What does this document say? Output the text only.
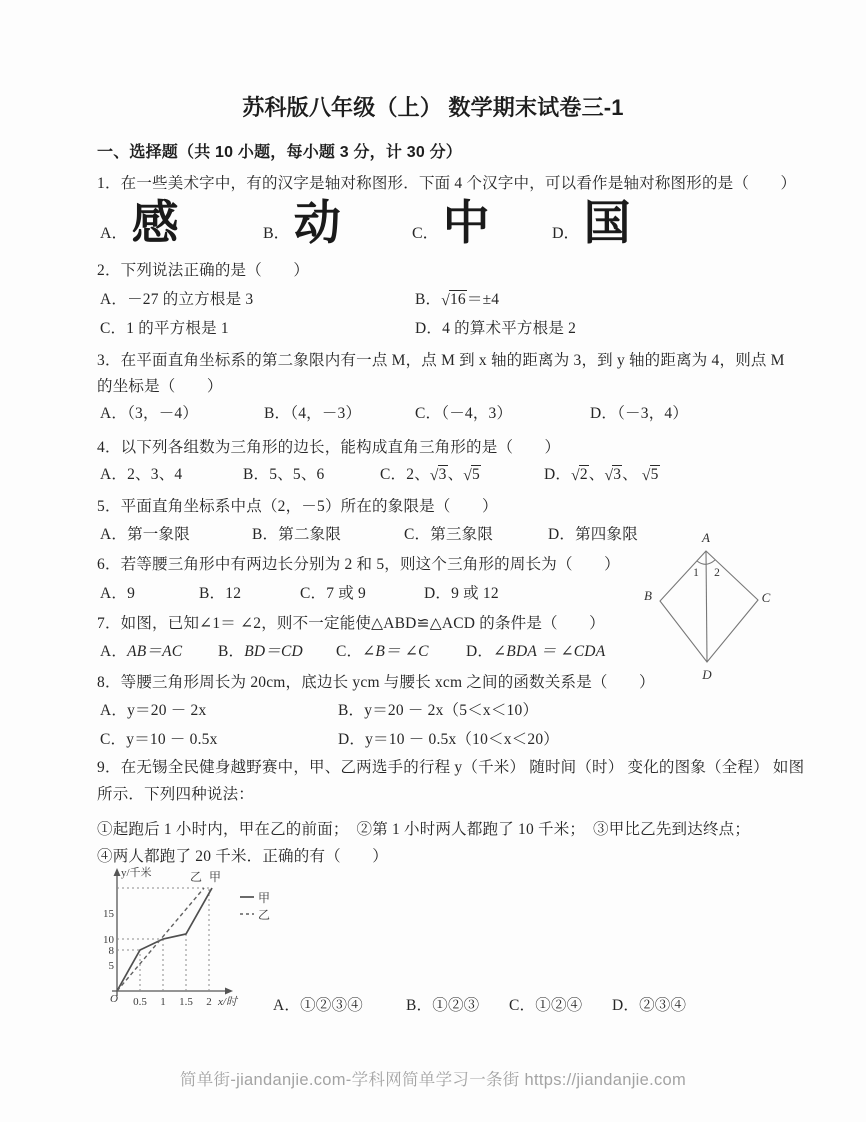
苏科版八年级（上） 数学期末试卷三-1
一、选择题（共 10 小题，每小题 3 分，计 30 分）
1．在一些美术字中，有的汉字是轴对称图形．下面 4 个汉字中，可以看作是轴对称图形的是（　　）
A． 感	B． 动	C． 中	D． 国
2．下列说法正确的是（　　）
A．－27 的立方根是 3	B．√16＝±4
C．1 的平方根是 1	D．4 的算术平方根是 2
3．在平面直角坐标系的第二象限内有一点 M，点 M 到 x 轴的距离为 3，到 y 轴的距离为 4，则点 M
的坐标是（　　）
A．（3，－4）	B．（4，－3）	C．（－4，3）	D．（－3，4）
4．以下列各组数为三角形的边长，能构成直角三角形的是（　　）
A．2、3、4	B．5、5、6	C．2、√3、√5	D．√2、√3、 √5
5．平面直角坐标系中点（2，－5）所在的象限是（　　）
A．第一象限	B．第二象限	C．第三象限	D．第四象限
6．若等腰三角形中有两边长分别为 2 和 5，则这个三角形的周长为（　　）
A．9	B．12	C．7 或 9	D．9 或 12
7．如图，已知∠1＝ ∠2，则不一定能使△ABD≌△ACD 的条件是（　　）
A．AB＝AC B．BD＝CD C．∠B＝ ∠C D．∠BDA ＝ ∠CDA
8．等腰三角形周长为 20cm，底边长 ycm 与腰长 xcm 之间的函数关系是（　　）
A．y＝20 － 2x	B．y＝20 － 2x（5＜x＜10）
C．y＝10 － 0.5x	D．y＝10 － 0.5x（10＜x＜20）
9．在无锡全民健身越野赛中，甲、乙两选手的行程 y（千米） 随时间（时） 变化的图象（全程） 如图
所示．下列四种说法：
①起跑后 1 小时内，甲在乙的前面；　②第 1 小时两人都跑了 10 千米；　③甲比乙先到达终点；
④两人都跑了 20 千米．正确的有（　　）
A．①②③④	B．①②③ C．①②④ D．②③④
A
B	C
D
1 2
y/千米
x/时
O
5
8
10
15
0.5 1 1.5 2
乙 甲
甲
乙
简单街-jiandanjie.com-学科网简单学习一条街 https://jiandanjie.com
